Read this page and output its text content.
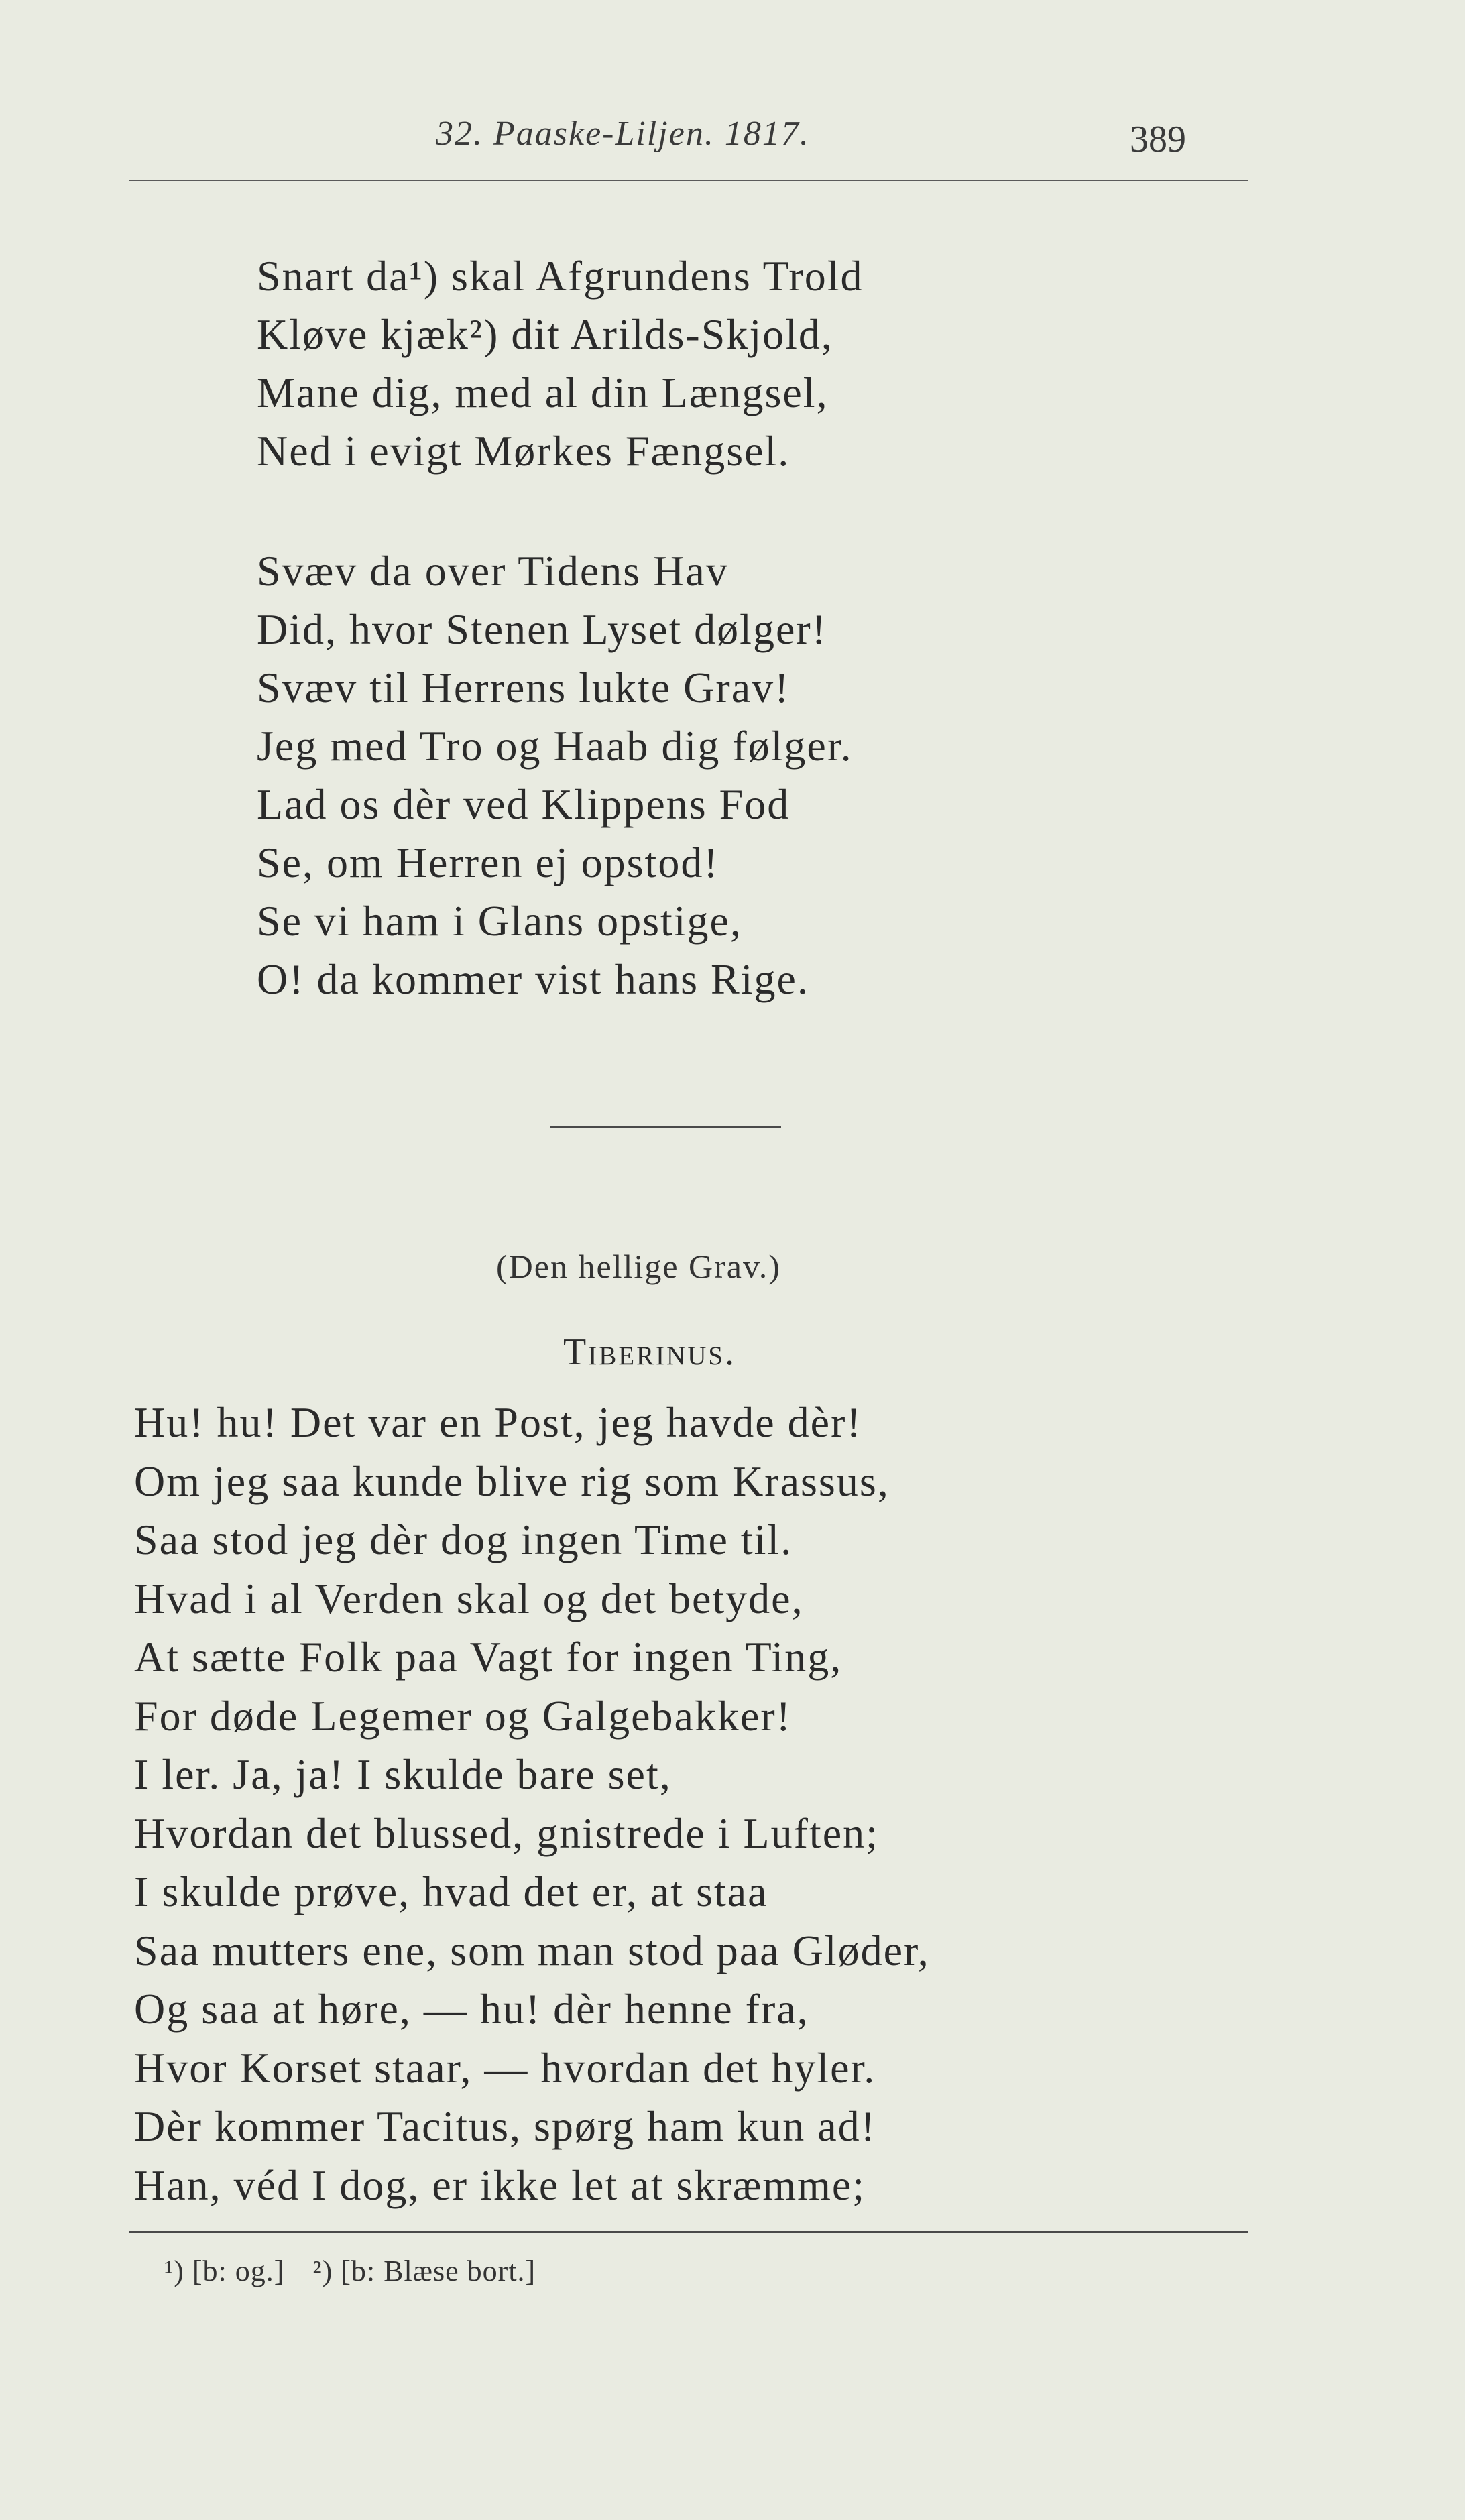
32. Paaske-Liljen. 1817.	389
Snart da¹) skal Afgrundens Trold
Kløve kjæk²) dit Arilds-Skjold,
Mane dig, med al din Længsel,
Ned i evigt Mørkes Fængsel.
Svæv da over Tidens Hav
Did, hvor Stenen Lyset dølger!
Svæv til Herrens lukte Grav!
Jeg med Tro og Haab dig følger.
Lad os dèr ved Klippens Fod
Se, om Herren ej opstod!
Se vi ham i Glans opstige,
O! da kommer vist hans Rige.
(Den hellige Grav.)
Tiberinus.
Hu! hu! Det var en Post, jeg havde dèr!
Om jeg saa kunde blive rig som Krassus,
Saa stod jeg dèr dog ingen Time til.
Hvad i al Verden skal og det betyde,
At sætte Folk paa Vagt for ingen Ting,
For døde Legemer og Galgebakker!
I ler. Ja, ja! I skulde bare set,
Hvordan det blussed, gnistrede i Luften;
I skulde prøve, hvad det er, at staa
Saa mutters ene, som man stod paa Gløder,
Og saa at høre, — hu! dèr henne fra,
Hvor Korset staar, — hvordan det hyler.
Dèr kommer Tacitus, spørg ham kun ad!
Han, véd I dog, er ikke let at skræmme;
¹) [b: og.] ²) [b: Blæse bort.]
